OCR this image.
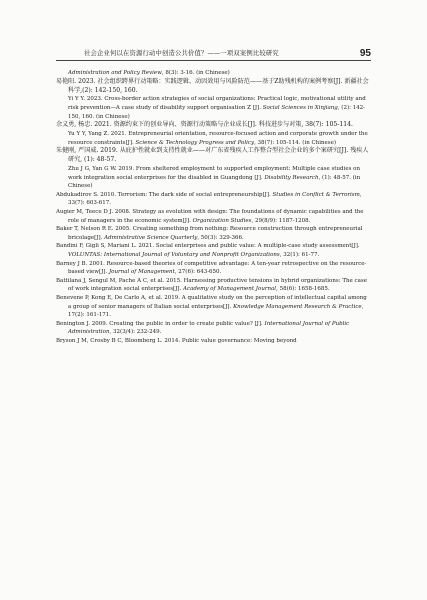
社会企业何以在资源行动中创造公共价值？——一项双案例比较研究	95

Administration and Policy Review, 8(3): 3-16. (in Chinese)

易艳阳. 2023. 社会组织跨界行动策略：实践逻辑、动因效用与风险防范——基于Z助残机构的案例考察[J]. 新疆社会科学,(2): 142-150, 160.

Yi Y Y. 2023. Cross-border action strategies of social organizations: Practical logic, motivational utility and risk prevention—A case study of disability support organisation Z [J]. Social Sciences in Xinjiang, (2): 142-150, 160. (in Chinese)

余义勇, 杨忠. 2021. 资源约束下的创业导向、资源行动策略与企业成长[J]. 科技进步与对策, 38(7): 105-114.

Yu Y Y, Yang Z. 2021. Entrepreneurial orientation, resource-focused action and corporate growth under the resource constraints[J]. Science & Technology Progress and Policy, 38(7): 105-114. (in Chinese)

朱健刚, 严国威. 2019. 从庇护性就业到支持性就业——对广东省残疾人工作整合型社会企业的多个案研究[J]. 残疾人研究, (1): 48-57.

Zhu J G, Yan G W. 2019. From sheltered employment to supported employment: Multiple case studies on work integration social enterprises for the disabled in Guangdong [J]. Disability Research, (1): 48-57. (in Chinese)

Abdukadirov S. 2010. Terrorism: The dark side of social entrepreneurship[J]. Studies in Conflict & Terrorism, 33(7): 603-617.

Augier M, Teece D J. 2008. Strategy as evolution with design: The foundations of dynamic capabilities and the role of managers in the economic system[J]. Organization Studies, 29(8/9): 1187-1208.

Baker T, Nelson R E. 2005. Creating something from nothing: Resource construction through entrepreneurial bricolage[J]. Administrative Science Quarterly, 50(3): 329-366.

Bandini F, Gigli S, Mariani L. 2021. Social enterprises and public value: A multiple-case study assessment[J]. VOLUNTAS: International Journal of Voluntary and Nonprofit Organizations, 32(1): 61-77.

Barney J B. 2001. Resource-based theories of competitive advantage: A ten-year retrospective on the resource-based view[J]. Journal of Management, 27(6): 643-650.

Battilana J, Sengul M, Pache A C, et al. 2015. Harnessing productive tensions in hybrid organizations: The case of work integration social enterprises[J]. Academy of Management Journal, 58(6): 1658-1685.

Benevene P, Kong E, De Carlo A, et al. 2019. A qualitative study on the perception of intellectual capital among a group of senior managers of Italian social enterprises[J]. Knowledge Management Research & Practice, 17(2): 161-171.

Benington J. 2009. Creating the public in order to create public value? [J]. International Journal of Public Administration, 32(3/4): 232-249.

Bryson J M, Crosby B C, Bloomberg L. 2014. Public value governance: Moving beyond
